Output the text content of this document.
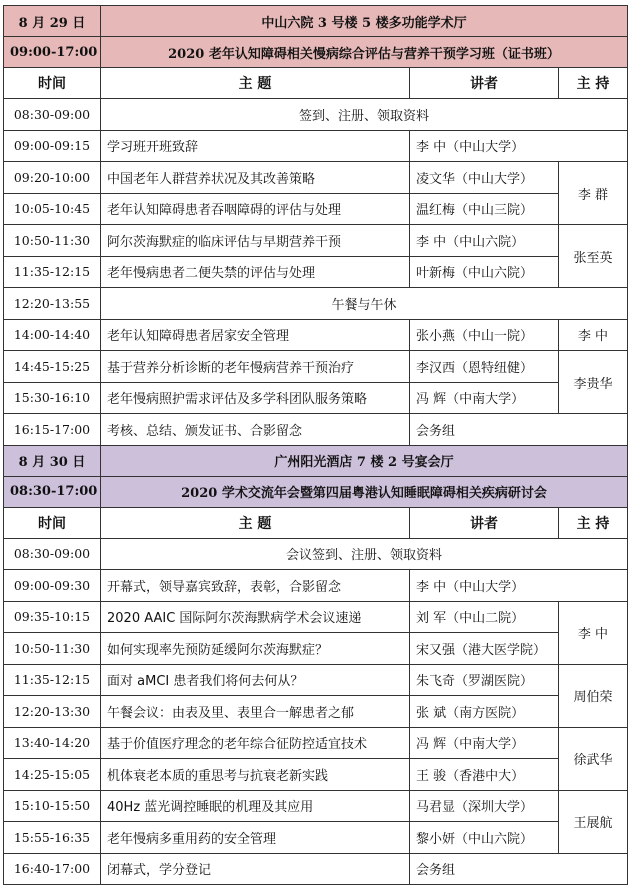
8 月 29 日	中山六院 3 号楼 5 楼多功能学术厅		
09:00-17:00	2020 老年认知障碍相关慢病综合评估与营养干预学习班（证书班）		
时间	主 题	讲者	主 持
08:30-09:00	签到、注册、领取资料		
09:00-09:15	学习班开班致辞	李 中（中山大学）	
09:20-10:00	中国老年人群营养状况及其改善策略	凌文华（中山大学）	李 群
10:05-10:45	老年认知障碍患者吞咽障碍的评估与处理	温红梅（中山三院）	
10:50-11:30	阿尔茨海默症的临床评估与早期营养干预	李 中（中山六院）	张至英
11:35-12:15	老年慢病患者二便失禁的评估与处理	叶新梅（中山六院）	
12:20-13:55	午餐与午休		
14:00-14:40	老年认知障碍患者居家安全管理	张小燕（中山一院）	李 中
14:45-15:25	基于营养分析诊断的老年慢病营养干预治疗	李汉西（恩特纽健）	李贵华
15:30-16:10	老年慢病照护需求评估及多学科团队服务策略	冯 辉（中南大学）	
16:15-17:00	考核、总结、颁发证书、合影留念	会务组	
8 月 30 日	广州阳光酒店 7 楼 2 号宴会厅		
08:30-17:00	2020 学术交流年会暨第四届粤港认知睡眠障碍相关疾病研讨会		
时间	主 题	讲者	主 持
08:30-09:00	会议签到、注册、领取资料		
09:00-09:30	开幕式，领导嘉宾致辞，表彰，合影留念	李 中（中山大学）	
09:35-10:15	2020 AAIC 国际阿尔茨海默病学术会议速递	刘 军（中山二院）	李 中
10:50-11:30	如何实现率先预防延缓阿尔茨海默症？	宋又强（港大医学院）	
11:35-12:15	面对 aMCI 患者我们将何去何从？	朱飞奇（罗湖医院）	周伯荣
12:20-13:30	午餐会议：由表及里、表里合一解患者之郁	张 斌（南方医院）	
13:40-14:20	基于价值医疗理念的老年综合征防控适宜技术	冯 辉（中南大学）	徐武华
14:25-15:05	机体衰老本质的重思考与抗衰老新实践	王 骏（香港中大）	
15:10-15:50	40Hz 蓝光调控睡眠的机理及其应用	马君显（深圳大学）	王展航
15:55-16:35	老年慢病多重用药的安全管理	黎小妍（中山六院）	
16:40-17:00	闭幕式，学分登记	会务组	
